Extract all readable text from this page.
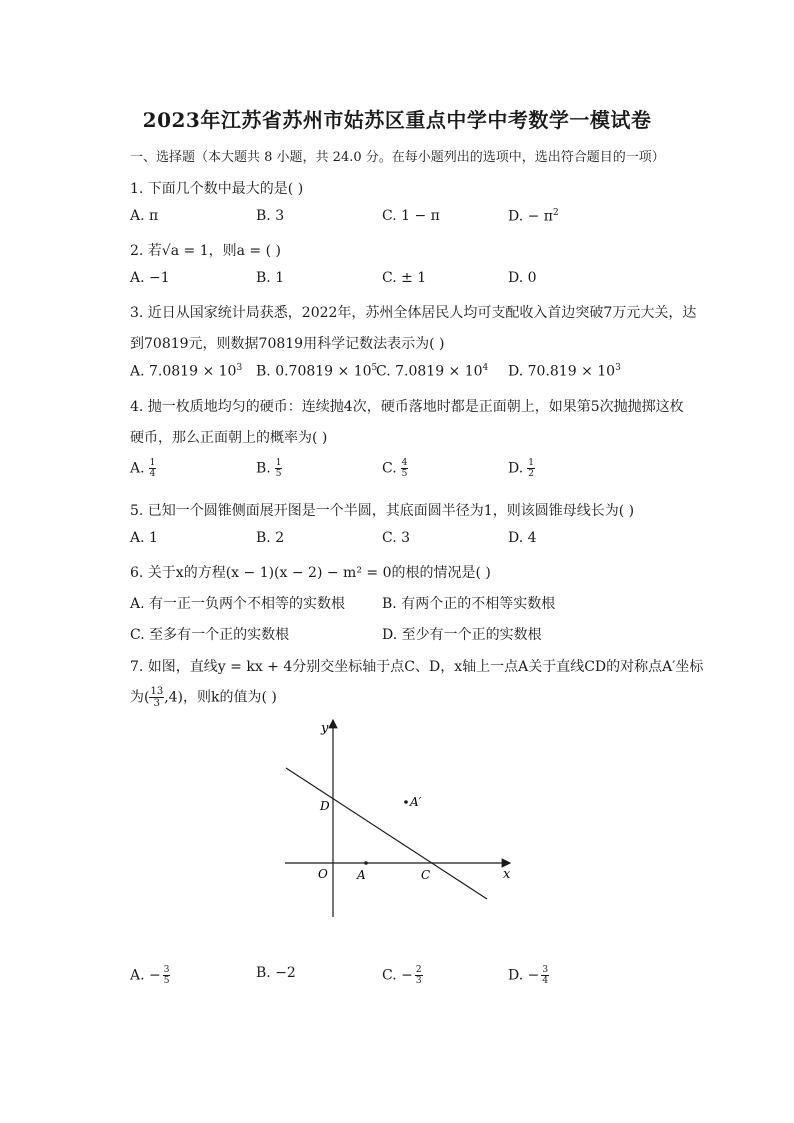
2023年江苏省苏州市姑苏区重点中学中考数学一模试卷
一、选择题（本大题共 8 小题，共 24.0 分。在每小题列出的选项中，选出符合题目的一项）
1. 下面几个数中最大的是( )
A. π	B. 3	C. 1 − π	D. − $\pi^2$
2. 若√a = 1，则a = ( )
A. −1	B. 1	C. ± 1	D. 0
3. 近日从国家统计局获悉，2022年，苏州全体居民人均可支配收入首边突破7万元大关，达
到70819元，则数据70819用科学记数法表示为( )
A. $7.0819 \times 10^3$ B. $0.70819 \times 10^5$
C. $7.0819 \times 10^4$ D. $70.819 \times 10^3$
4. 抛一枚质地均匀的硬币：连续抛4次，硬币落地时都是正面朝上，如果第5次抛抛掷这枚
硬币，那么正面朝上的概率为( )
A. $\frac{1}{4}$	B. $\frac{1}{5}$	C. $\frac{4}{5}$	D. $\frac{1}{2}$
5. 已知一个圆锥侧面展开图是一个半圆，其底面圆半径为1，则该圆锥母线长为( )
A. 1	B. 2	C. 3	D. 4
6. 关于x的方程(x − 1)(x − 2) − m² = 0的根的情况是( )
A. 有一正一负两个不相等的实数根	B. 有两个正的不相等实数根
C. 至多有一个正的实数根	D. 至少有一个正的实数根
7. 如图，直线y = kx + 4分别交坐标轴于点C、D，x轴上一点A关于直线CD的对称点A′坐标
为( $\frac{13}{3} ,4$)，则k的值为( )
y
x
O A	C
D	A′
A. − $\frac{3}{5}$	B. −2	C. − $\frac{2}{3}$	D. − $\frac{3}{4}$
